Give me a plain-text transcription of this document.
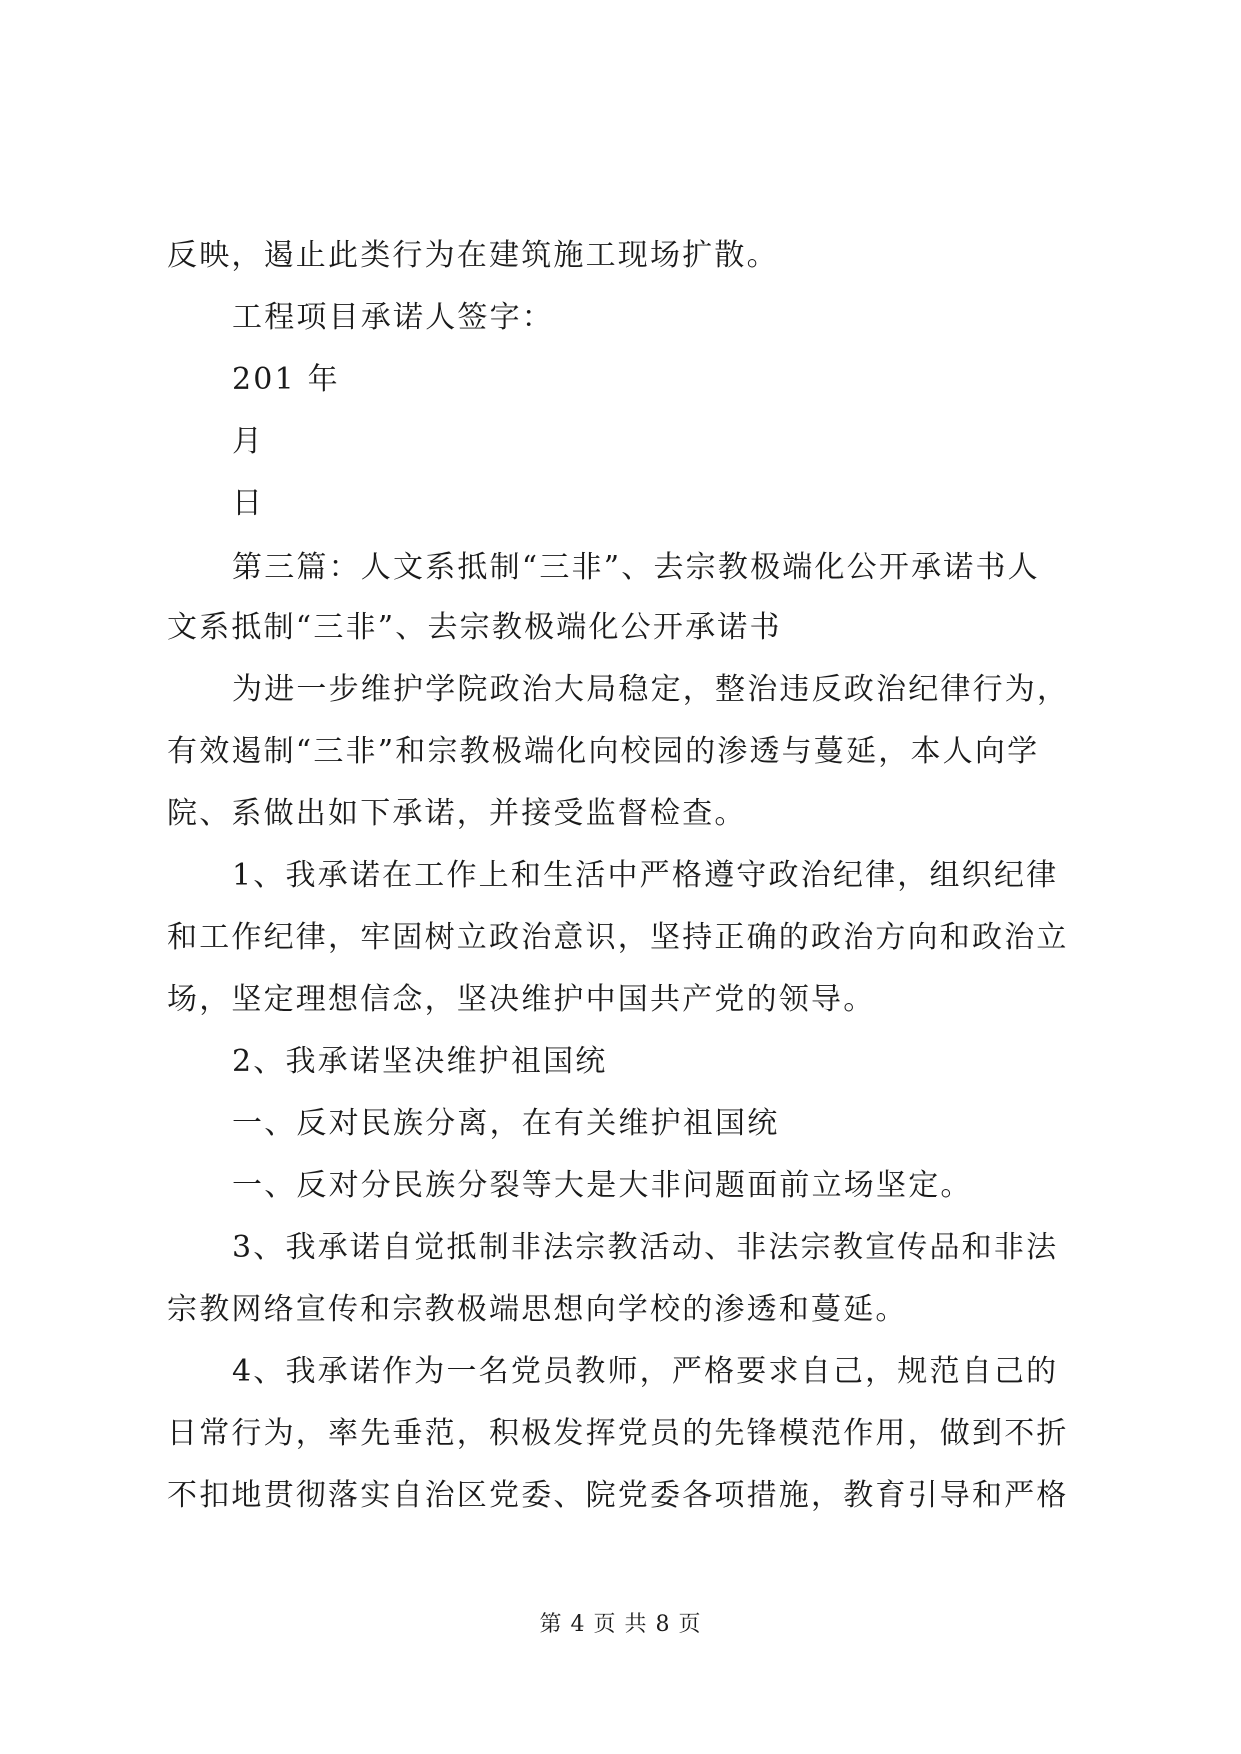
反映，遏止此类行为在建筑施工现场扩散。
工程项目承诺人签字：
201 年
月
日
第三篇：人文系抵制“三非”、去宗教极端化公开承诺书人
文系抵制“三非”、去宗教极端化公开承诺书
为进一步维护学院政治大局稳定，整治违反政治纪律行为，
有效遏制“三非”和宗教极端化向校园的渗透与蔓延，本人向学
院、系做出如下承诺，并接受监督检查。
1、我承诺在工作上和生活中严格遵守政治纪律，组织纪律
和工作纪律，牢固树立政治意识，坚持正确的政治方向和政治立
场，坚定理想信念，坚决维护中国共产党的领导。
2、我承诺坚决维护祖国统
一、反对民族分离，在有关维护祖国统
一、反对分民族分裂等大是大非问题面前立场坚定。
3、我承诺自觉抵制非法宗教活动、非法宗教宣传品和非法
宗教网络宣传和宗教极端思想向学校的渗透和蔓延。
4、我承诺作为一名党员教师，严格要求自己，规范自己的
日常行为，率先垂范，积极发挥党员的先锋模范作用，做到不折
不扣地贯彻落实自治区党委、院党委各项措施，教育引导和严格
第 4 页 共 8 页
